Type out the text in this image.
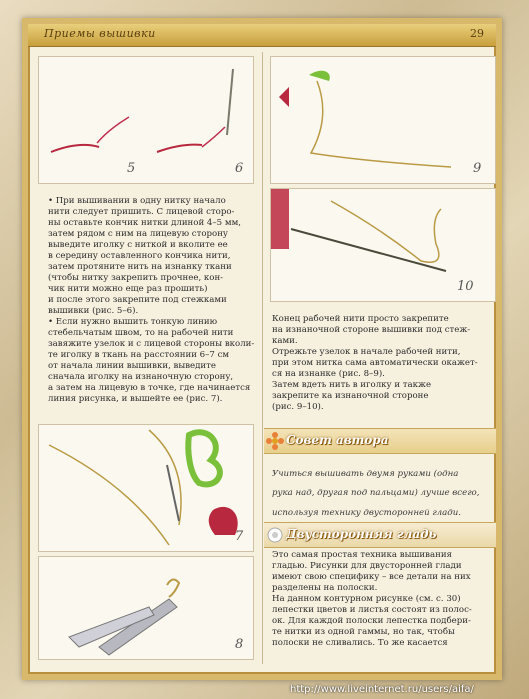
Приемы вышивки	29
5	6

• При вышивании в одну нитку начало

нити следует пришить. С лицевой сторо-

ны оставьте кончик нитки длиной 4–5 мм,

затем рядом с ним на лицевую сторону

выведите иголку с ниткой и вколите ее

в середину оставленного кончика нити,

затем протяните нить на изнанку ткани

(чтобы нитку закрепить прочнее, кон-

чик нити можно еще раз прошить)

и после этого закрепите под стежками

вышивки (рис. 5–6).

• Если нужно вышить тонкую линию

стебельчатым швом, то на рабочей нити

завяжите узелок и с лицевой стороны вколи-

те иголку в ткань на расстоянии 6–7 см

от начала линии вышивки, выведите

сначала иголку на изнаночную сторону,

а затем на лицевую в точке, где начинается

линия рисунка, и вышейте ее (рис. 7).

7
8
9
10

Конец рабочей нити просто закрепите

на изнаночной стороне вышивки под стеж-

ками.

Отрежьте узелок в начале рабочей нити,

при этом нитка сама автоматически окажет-

ся на изнанке (рис. 8–9).

Затем вдеть нить в иголку и также

закрепите ка изнаночной стороне

(рис. 9–10).

Совет автора

Учиться вышивать двумя руками (одна

рука над, другая под пальцами) лучше всего,

используя технику двусторонней глади.

Двусторонняя гладь

Это самая простая техника вышивания

гладью. Рисунки для двусторонней глади

имеют свою специфику – все детали на них

разделены на полоски.

На данном контурном рисунке (см. с. 30)

лепестки цветов и листья состоят из полос-

ок. Для каждой полоски лепестка подбери-

те нитки из одной гаммы, но так, чтобы

полоски не сливались. То же касается

http://www.liveinternet.ru/users/aifa/
